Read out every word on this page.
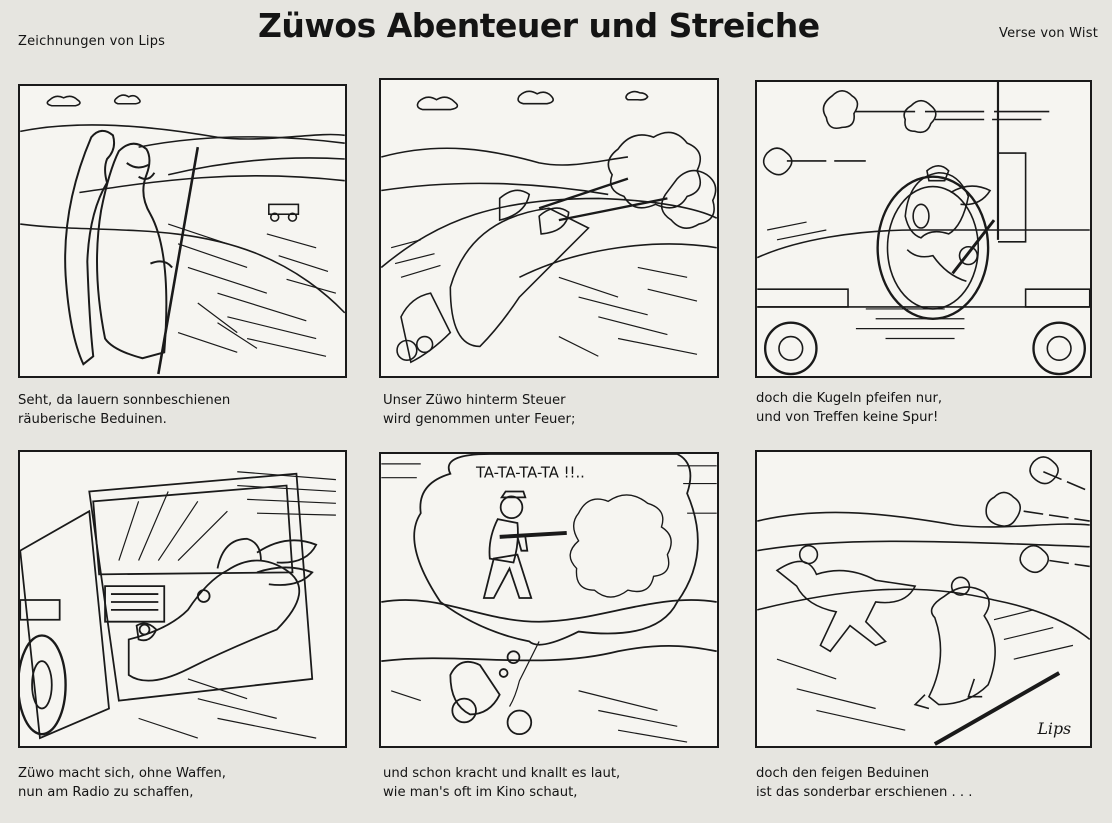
Zeichnungen von Lips	Züwos Abenteuer und Streiche	Verse von Wist
TA-TA-TA-TA !!..
Lips
Seht, da lauern sonnbeschienen
räuberische Beduinen.
Unser Züwo hinterm Steuer
wird genommen unter Feuer;
doch die Kugeln pfeifen nur,
und von Treffen keine Spur!
Züwo macht sich, ohne Waffen,
nun am Radio zu schaffen,
und schon kracht und knallt es laut,
wie man's oft im Kino schaut,
doch den feigen Beduinen
ist das sonderbar erschienen . . .
